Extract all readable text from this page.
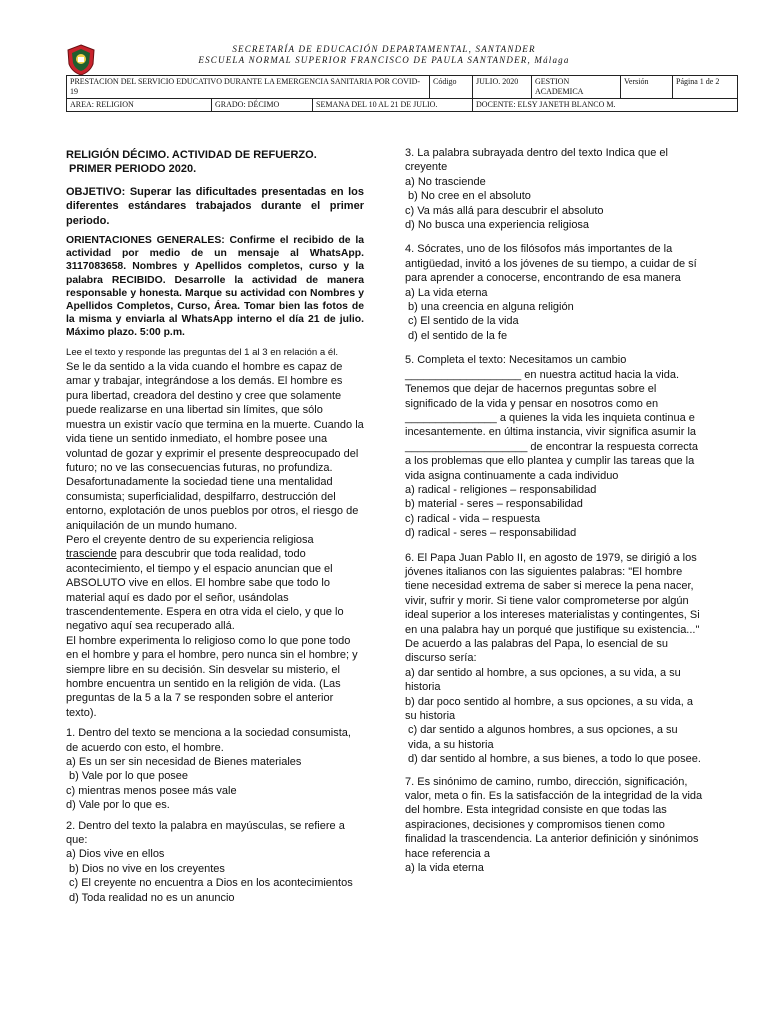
SECRETARÍA DE EDUCACIÓN DEPARTAMENTAL, SANTANDER
ESCUELA NORMAL SUPERIOR FRANCISCO DE PAULA SANTANDER, Málaga
PRESTACION DEL SERVICIO EDUCATIVO DURANTE LA EMERGENCIA SANITARIA POR COVID-19			Código	JULIO. 2020	GESTION ACADEMICA	Versión	Página 1 de 2
AREA: RELIGION	GRADO: DÉCIMO	SEMANA DEL 10 AL 21 DE JULIO.		DOCENTE: ELSY JANETH BLANCO M.			

RELIGIÓN DÉCIMO. ACTIVIDAD DE REFUERZO.

PRIMER PERIODO 2020.

OBJETIVO: Superar las dificultades presentadas en los diferentes estándares trabajados durante el primer periodo.

ORIENTACIONES GENERALES: Confirme el recibido de la actividad por medio de un mensaje al WhatsApp. 3117083658. Nombres y Apellidos completos, curso y la palabra RECIBIDO. Desarrolle la actividad de manera responsable y honesta. Marque su actividad con Nombres y Apellidos Completos, Curso, Área. Tomar bien las fotos de la misma y enviarla al WhatsApp interno el día 21 de julio. Máximo plazo. 5:00 p.m.

Lee el texto y responde las preguntas del 1 al 3 en relación a él.

Se le da sentido a la vida cuando el hombre es capaz de amar y trabajar, integrándose a los demás. El hombre es pura libertad, creadora del destino y cree que solamente puede realizarse en una libertad sin límites, que sólo muestra un existir vacío que termina en la muerte. Cuando la vida tiene un sentido inmediato, el hombre posee una voluntad de gozar y exprimir el presente despreocupado del futuro; no ve las consecuencias futuras, no profundiza. Desafortunadamente la sociedad tiene una mentalidad consumista; superficialidad, despilfarro, destrucción del entorno, explotación de unos pueblos por otros, el riesgo de aniquilación de un mundo humano.

Pero el creyente dentro de su experiencia religiosa trasciende para descubrir que toda realidad, todo acontecimiento, el tiempo y el espacio anuncian que el ABSOLUTO vive en ellos. El hombre sabe que todo lo material aquí es dado por el señor, usándolas trascendentemente. Espera en otra vida el cielo, y que lo negativo aquí sea recuperado allá.

El hombre experimenta lo religioso como lo que pone todo en el hombre y para el hombre, pero nunca sin el hombre; y siempre libre en su decisión. Sin desvelar su misterio, el hombre encuentra un sentido en la religión de vida. (Las preguntas de la 5 a la 7 se responden sobre el anterior texto).

1. Dentro del texto se menciona a la sociedad consumista, de acuerdo con esto, el hombre.

a) Es un ser sin necesidad de Bienes materiales

b) Vale por lo que posee

c) mientras menos posee más vale

d) Vale por lo que es.

2. Dentro del texto la palabra en mayúsculas, se refiere a que:

a) Dios vive en ellos

b) Dios no vive en los creyentes

c) El creyente no encuentra a Dios en los acontecimientos

d) Toda realidad no es un anuncio

3. La palabra subrayada dentro del texto Indica que el creyente

a) No trasciende

b) No cree en el absoluto

c) Va más allá para descubrir el absoluto

d) No busca una experiencia religiosa

4. Sócrates, uno de los filósofos más importantes de la antigüedad, invitó a los jóvenes de su tiempo, a cuidar de sí para aprender a conocerse, encontrando de esa manera

a) La vida eterna

b) una creencia en alguna religión

c) El sentido de la vida

d) el sentido de la fe

5. Completa el texto: Necesitamos un cambio ___________________ en nuestra actitud hacia la vida. Tenemos que dejar de hacernos preguntas sobre el significado de la vida y pensar en nosotros como en _______________ a quienes la vida les inquieta continua e incesantemente. en última instancia, vivir significa asumir la ____________________ de encontrar la respuesta correcta a los problemas que ello plantea y cumplir las tareas que la vida asigna continuamente a cada individuo

a) radical - religiones – responsabilidad

b) material - seres – responsabilidad

c) radical - vida – respuesta

d) radical - seres – responsabilidad

6. El Papa Juan Pablo II, en agosto de 1979, se dirigió a los jóvenes italianos con las siguientes palabras: "El hombre tiene necesidad extrema de saber si merece la pena nacer, vivir, sufrir y morir. Si tiene valor comprometerse por algún ideal superior a los intereses materialistas y contingentes, Si en una palabra hay un porqué que justifique su existencia..." De acuerdo a las palabras del Papa, lo esencial de su discurso sería:

a) dar sentido al hombre, a sus opciones, a su vida, a su historia

b) dar poco sentido al hombre, a sus opciones, a su vida, a su historia

c) dar sentido a algunos hombres, a sus opciones, a su vida, a su historia

d) dar sentido al hombre, a sus bienes, a todo lo que posee.

7. Es sinónimo de camino, rumbo, dirección, significación, valor, meta o fin. Es la satisfacción de la integridad de la vida del hombre. Esta integridad consiste en que todas las aspiraciones, decisiones y compromisos tienen como finalidad la trascendencia. La anterior definición y sinónimos hace referencia a

a) la vida eterna
